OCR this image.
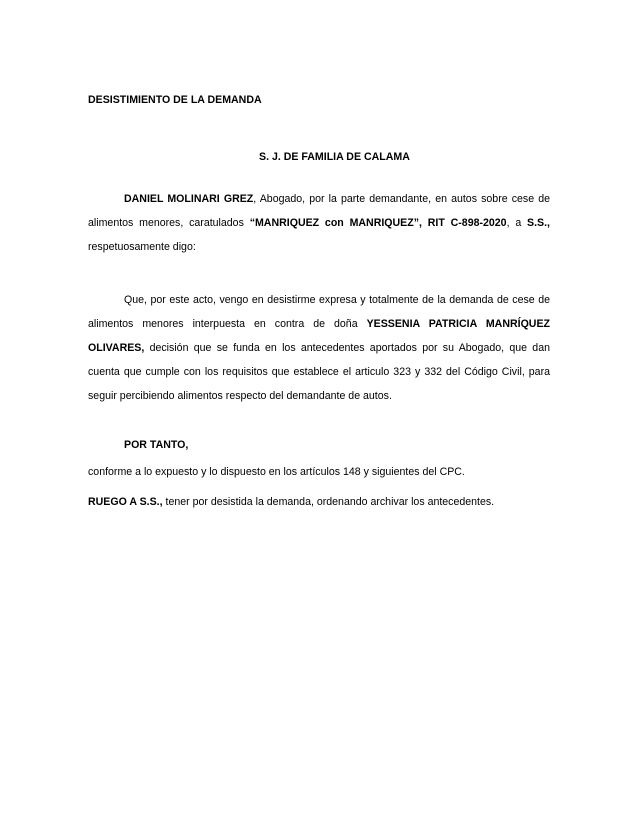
DESISTIMIENTO DE LA DEMANDA
S. J. DE FAMILIA DE CALAMA

DANIEL MOLINARI GREZ, Abogado, por la parte demandante, en autos sobre cese de alimentos menores, caratulados “MANRIQUEZ con MANRIQUEZ”, RIT C-898-2020, a S.S., respetuosamente digo:

Que, por este acto, vengo en desistirme expresa y totalmente de la demanda de cese de alimentos menores interpuesta en contra de doña YESSENIA PATRICIA MANRÍQUEZ OLIVARES, decisión que se funda en los antecedentes aportados por su Abogado, que dan cuenta que cumple con los requisitos que establece el articulo 323 y 332 del Código Civil, para seguir percibiendo alimentos respecto del demandante de autos.

POR TANTO,
conforme a lo expuesto y lo dispuesto en los artículos 148 y siguientes del CPC.
RUEGO A S.S., tener por desistida la demanda, ordenando archivar los antecedentes.
